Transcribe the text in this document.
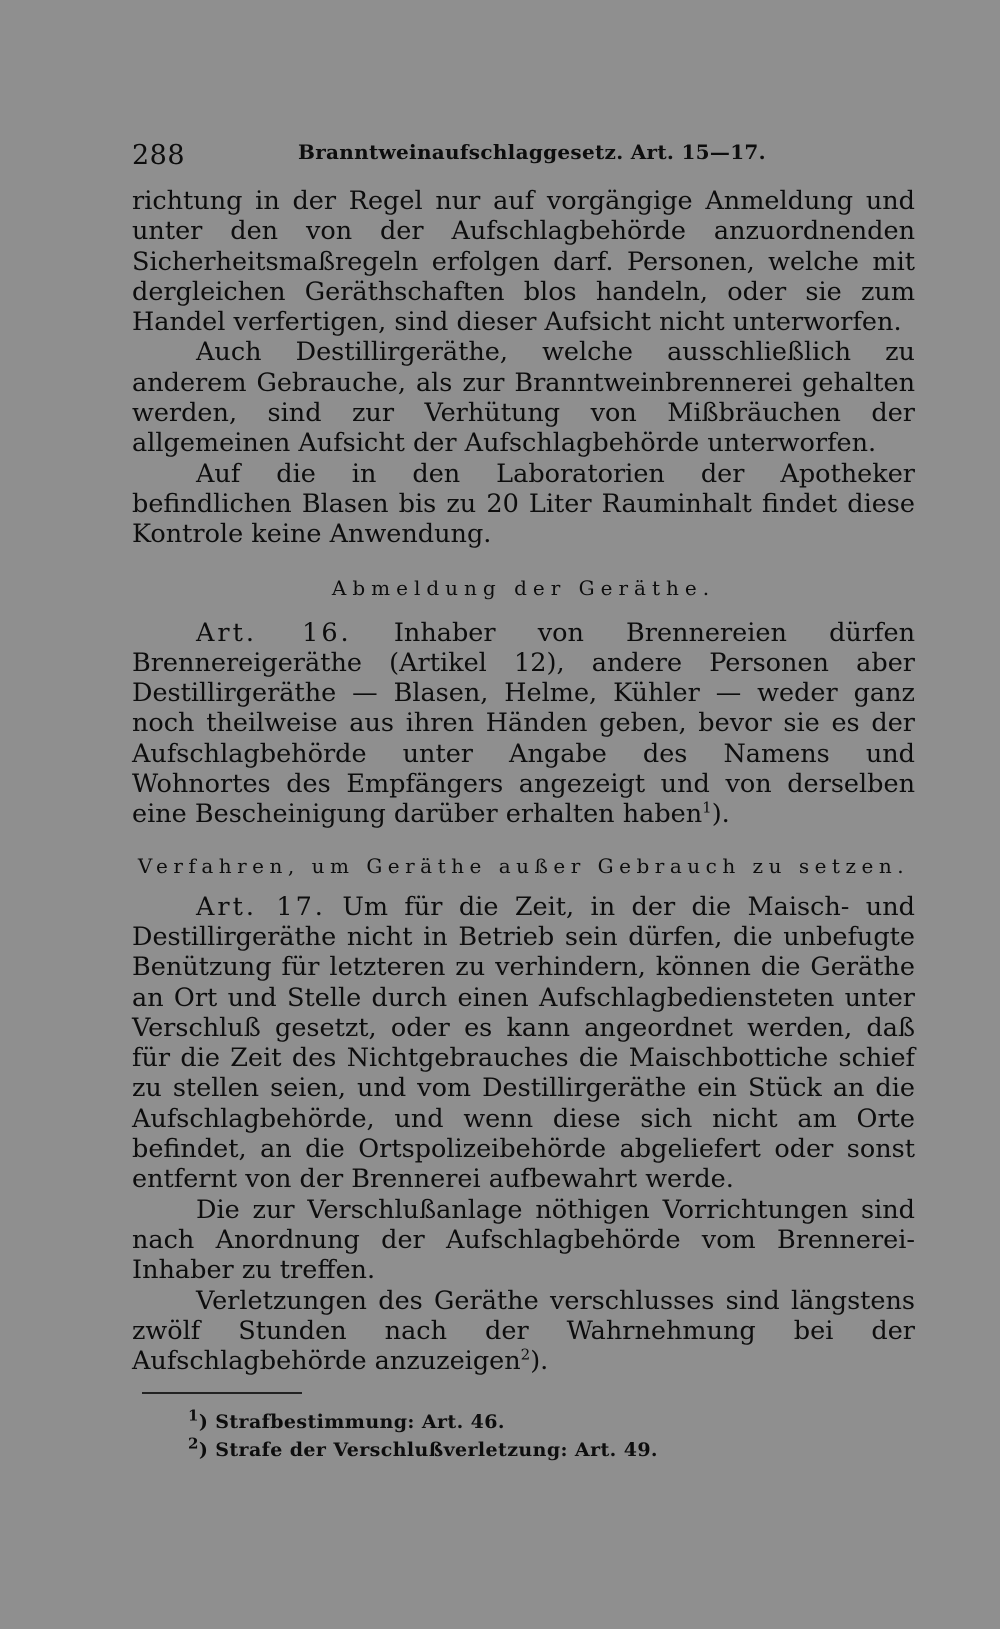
288	Branntweinaufschlaggesetz. Art. 15—17.

richtung in der Regel nur auf vorgängige Anmeldung und unter den von der Aufschlagbehörde anzuordnenden Sicherheitsmaßregeln erfolgen darf. Personen, welche mit dergleichen Geräthschaften blos handeln, oder sie zum Handel verfertigen, sind dieser Aufsicht nicht unterworfen.

Auch Destillirgeräthe, welche ausschließlich zu anderem Gebrauche, als zur Branntweinbrennerei gehalten werden, sind zur Verhütung von Mißbräuchen der allgemeinen Aufsicht der Aufschlagbehörde unterworfen.

Auf die in den Laboratorien der Apotheker befindlichen Blasen bis zu 20 Liter Rauminhalt findet diese Kontrole keine Anwendung.

Abmeldung der Geräthe.

Art. 16. Inhaber von Brennereien dürfen Brennereigeräthe (Artikel 12), andere Personen aber Destillirgeräthe — Blasen, Helme, Kühler — weder ganz noch theilweise aus ihren Händen geben, bevor sie es der Aufschlagbehörde unter Angabe des Namens und Wohnortes des Empfängers angezeigt und von derselben eine Bescheinigung darüber erhalten haben$^1$).

Verfahren, um Geräthe außer Gebrauch zu setzen.

Art. 17. Um für die Zeit, in der die Maisch- und Destillirgeräthe nicht in Betrieb sein dürfen, die unbefugte Benützung für letzteren zu verhindern, können die Geräthe an Ort und Stelle durch einen Aufschlagbediensteten unter Verschluß gesetzt, oder es kann angeordnet werden, daß für die Zeit des Nichtgebrauches die Maischbottiche schief zu stellen seien, und vom Destillirgeräthe ein Stück an die Aufschlagbehörde, und wenn diese sich nicht am Orte befindet, an die Ortspolizeibehörde abgeliefert oder sonst entfernt von der Brennerei aufbewahrt werde.

Die zur Verschlußanlage nöthigen Vorrichtungen sind nach Anordnung der Aufschlagbehörde vom Brennerei-Inhaber zu treffen.

Verletzungen des Geräthe verschlusses sind längstens zwölf Stunden nach der Wahrnehmung bei der Aufschlagbehörde anzuzeigen$^2$).

$^1$) Strafbestimmung: Art. 46.
$^2$) Strafe der Verschlußverletzung: Art. 49.
